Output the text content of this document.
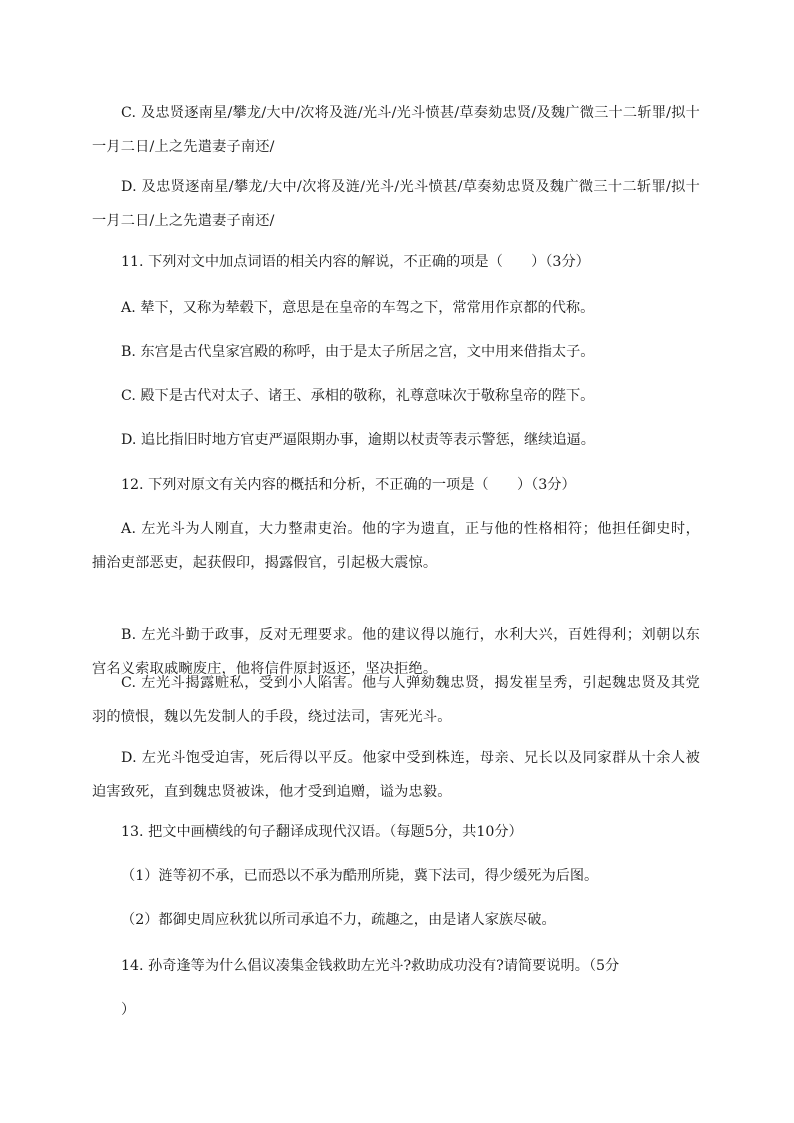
C. 及忠贤逐南星/攀龙/大中/次将及涟/光斗/光斗愤甚/草奏劾忠贤/及魏广微三十二斩罪/拟十一月二日/上之先遣妻子南还/

D. 及忠贤逐南星/攀龙/大中/次将及涟/光斗/光斗愤甚/草奏劾忠贤及魏广微三十二斩罪/拟十一月二日/上之先遣妻子南还/

11. 下列对文中加点词语的相关内容的解说，不正确的项是（　　）（3分）

A. 辇下，又称为辇毂下，意思是在皇帝的车驾之下，常常用作京都的代称。

B. 东宫是古代皇家宫殿的称呼，由于是太子所居之宫，文中用来借指太子。

C. 殿下是古代对太子、诸王、承相的敬称，礼尊意味次于敬称皇帝的陛下。

D. 追比指旧时地方官吏严逼限期办事，逾期以杖责等表示警惩，继续追逼。

12. 下列对原文有关内容的概括和分析，不正确的一项是（　　）（3分）

A. 左光斗为人刚直，大力整肃吏治。他的字为遗直，正与他的性格相符；他担任御史时，捕治吏部恶吏，起获假印，揭露假官，引起极大震惊。

B. 左光斗勤于政事，反对无理要求。他的建议得以施行，水利大兴，百姓得利；刘朝以东宫名义索取戚畹废庄，他将信件原封返还，坚决拒绝。

C. 左光斗揭露赃私，受到小人陷害。他与人弹劾魏忠贤，揭发崔呈秀，引起魏忠贤及其党羽的愤恨，魏以先发制人的手段，绕过法司，害死光斗。

D. 左光斗饱受迫害，死后得以平反。他家中受到株连，母亲、兄长以及同家群从十余人被迫害致死，直到魏忠贤被诛，他才受到追赠，谥为忠毅。

13. 把文中画横线的句子翻译成现代汉语。（每题5分，共10分）

（1）涟等初不承，已而恐以不承为酷刑所毙，冀下法司，得少缓死为后图。

（2）都御史周应秋犹以所司承追不力，疏趣之，由是诸人家族尽破。

14. 孙奇逢等为什么倡议凑集金钱救助左光斗?救助成功没有?请简要说明。（5分

）
